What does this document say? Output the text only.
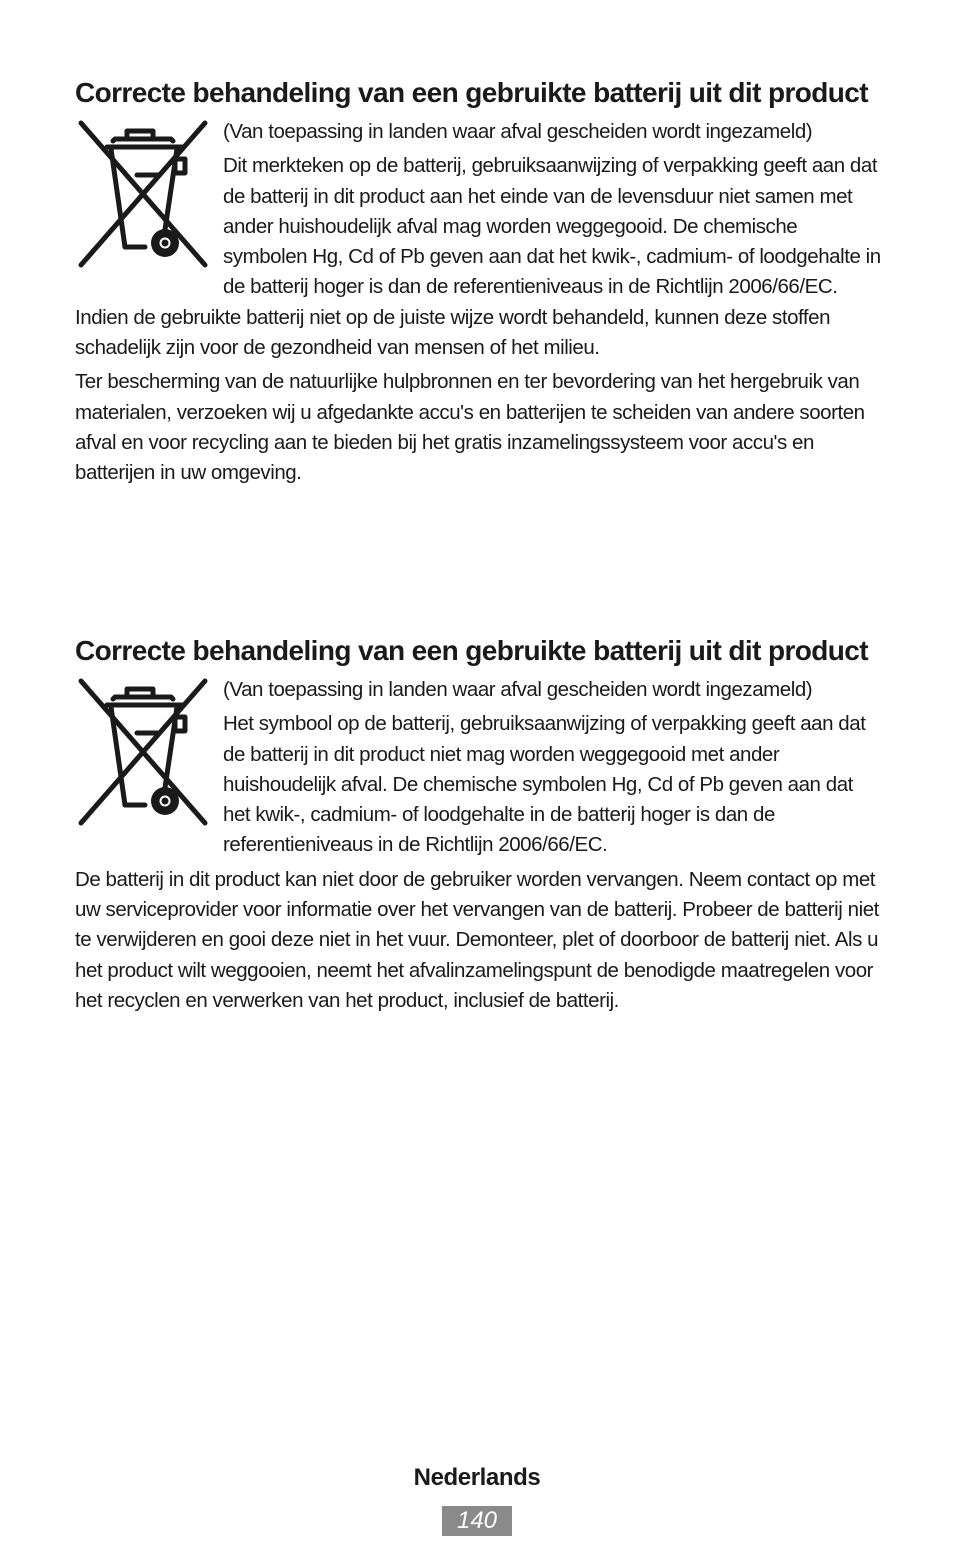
Correcte behandeling van een gebruikte batterij uit dit product

(Van toepassing in landen waar afval gescheiden wordt ingezameld)

Dit merkteken op de batterij, gebruiksaanwijzing of verpakking geeft aan dat de batterij in dit product aan het einde van de levensduur niet samen met ander huishoudelijk afval mag worden weggegooid. De chemische symbolen Hg, Cd of Pb geven aan dat het kwik-, cadmium- of loodgehalte in de batterij hoger is dan de referentieniveaus in de Richtlijn 2006/66/EC. Indien de gebruikte batterij niet op de juiste wijze wordt behandeld, kunnen deze stoffen schadelijk zijn voor de gezondheid van mensen of het milieu.

Ter bescherming van de natuurlijke hulpbronnen en ter bevordering van het hergebruik van materialen, verzoeken wij u afgedankte accu's en batterijen te scheiden van andere soorten afval en voor recycling aan te bieden bij het gratis inzamelingssysteem voor accu's en batterijen in uw omgeving.

Correcte behandeling van een gebruikte batterij uit dit product

(Van toepassing in landen waar afval gescheiden wordt ingezameld)

Het symbool op de batterij, gebruiksaanwijzing of verpakking geeft aan dat de batterij in dit product niet mag worden weggegooid met ander huishoudelijk afval. De chemische symbolen Hg, Cd of Pb geven aan dat het kwik-, cadmium- of loodgehalte in de batterij hoger is dan de referentieniveaus in de Richtlijn 2006/66/EC.

De batterij in dit product kan niet door de gebruiker worden vervangen. Neem contact op met uw serviceprovider voor informatie over het vervangen van de batterij. Probeer de batterij niet te verwijderen en gooi deze niet in het vuur. Demonteer, plet of doorboor de batterij niet. Als u het product wilt weggooien, neemt het afvalinzamelingspunt de benodigde maatregelen voor het recyclen en verwerken van het product, inclusief de batterij.

Nederlands
140
